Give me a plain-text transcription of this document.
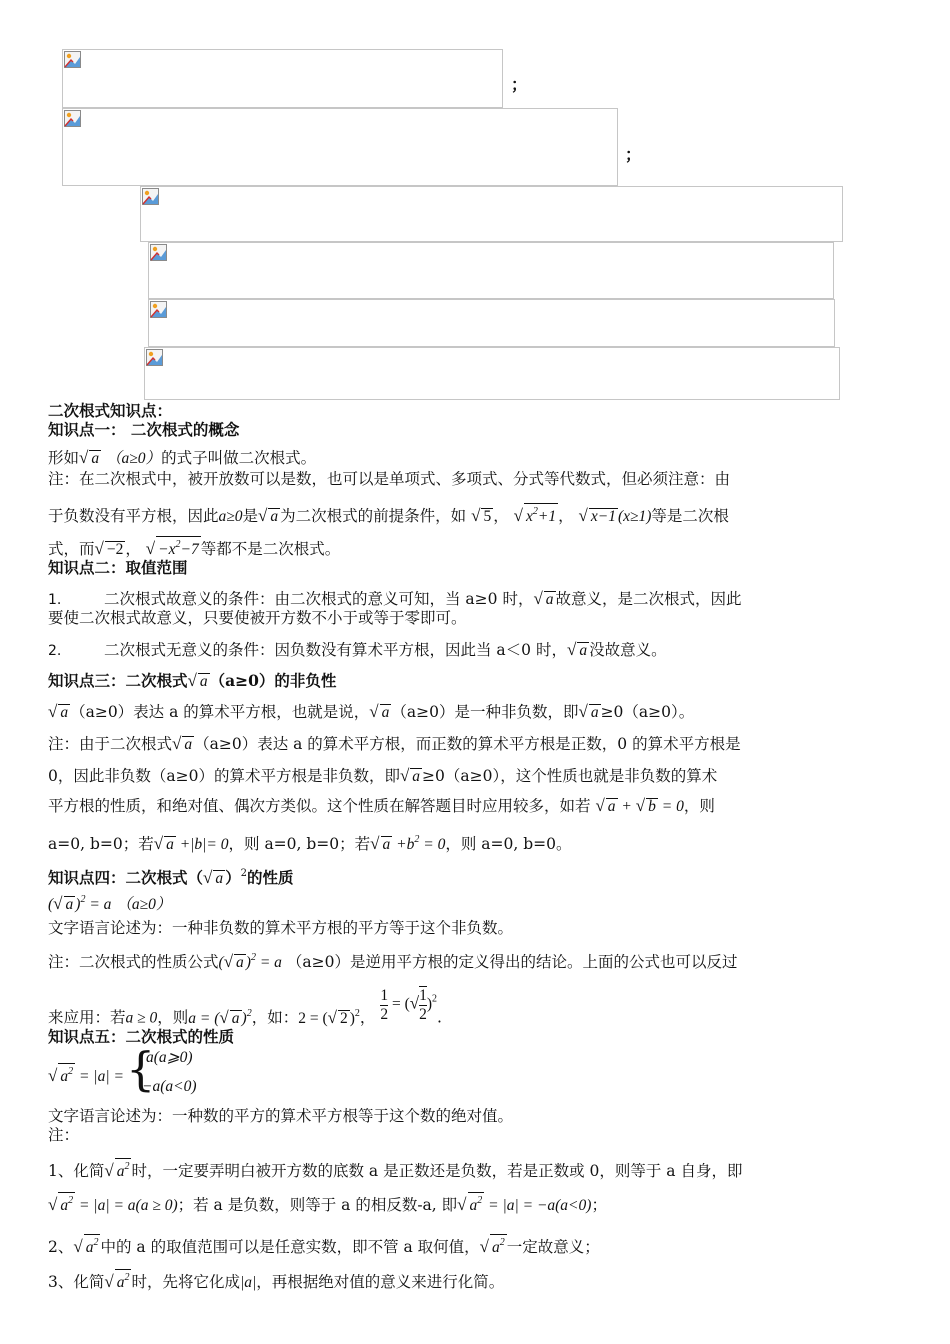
；
；
二次根式知识点：
知识点一： 二次根式的概念
形如√ a （a≥0）的式子叫做二次根式。
注：在二次根式中，被开放数可以是数，也可以是单项式、多项式、分式等代数式，但必须注意：由
于负数没有平方根，因此a≥0是√ a 为二次根式的前提条件，如 √ 5 ， √ $x^2+1$ ， √ x−1 (x≥1)等是二次根
式，而√ −2 ， √ $-x^2-7$ 等都不是二次根式。
知识点二：取值范围
1.	二次根式故意义的条件：由二次根式的意义可知，当 a≥0 时，√ a 故意义，是二次根式，因此
要使二次根式故意义，只要使被开方数不小于或等于零即可。
2.	二次根式无意义的条件：因负数没有算术平方根，因此当 a＜0 时，√ a 没故意义。
知识点三：二次根式√ a （a≥0）的非负性
√ a （a≥0）表达 a 的算术平方根，也就是说，√ a （a≥0）是一种非负数，即√ a ≥0（a≥0）。
注：由于二次根式√ a （a≥0）表达 a 的算术平方根，而正数的算术平方根是正数，0 的算术平方根是
0，因此非负数（a≥0）的算术平方根是非负数，即√ a ≥0（a≥0），这个性质也就是非负数的算术
平方根的性质，和绝对值、偶次方类似。这个性质在解答题目时应用较多，如若 √ a + √ b = 0，则
a=0, b=0；若√ a +|b|= 0，则 a=0, b=0；若√ $a +b^2 = 0$，则 a=0, b=0。
知识点四：二次根式（√ a ）$^2$的性质
(√ a )$^2$ = a （a≥0）
文字语言论述为：一种非负数的算术平方根的平方等于这个非负数。
注：二次根式的性质公式(√ a )$^2$ = a （a≥0）是逆用平方根的定义得出的结论。上面的公式也可以反过
来应用：若a ≥ 0，则a = (√ a )$^2$，如：2 = (√ 2 )$^2$， $\frac{1}{2}$ = (√ $\frac{1}{2} )^2$.
知识点五：二次根式的性质
√ $a^2 = |a|$ = {
a(a⩾0)
−a(a<0)
文字语言论述为：一种数的平方的算术平方根等于这个数的绝对值。
注：
1、化简√ $a^2$ 时，一定要弄明白被开方数的底数 a 是正数还是负数，若是正数或 0，则等于 a 自身，即
√ $a^2 = |a| = a(a \ge 0)$；若 a 是负数，则等于 a 的相反数-a, 即√ $a^2 = |a| = -a(a<0)$；
2、√ $a^2$ 中的 a 的取值范围可以是任意实数，即不管 a 取何值，√ $a^2$ 一定故意义；
3、化简√ $a^2$ 时，先将它化成|a|，再根据绝对值的意义来进行化简。
